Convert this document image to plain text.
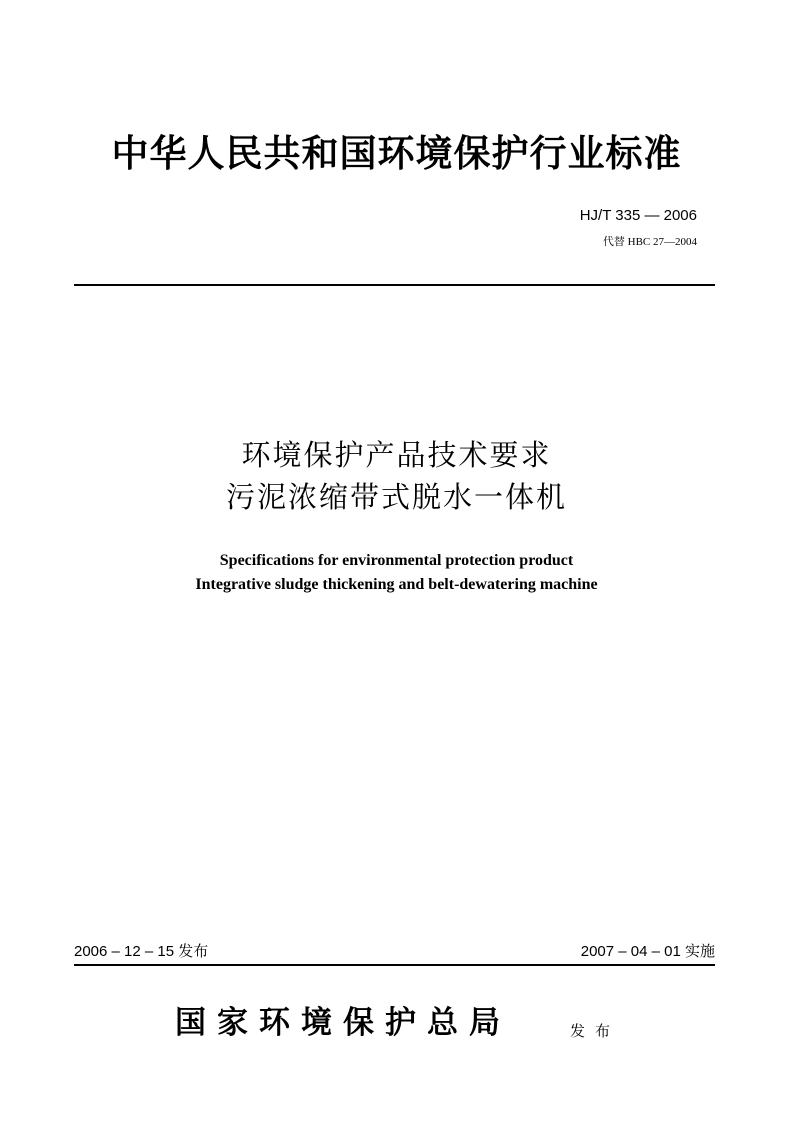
中华人民共和国环境保护行业标准
HJ/T 335 — 2006
代替 HBC 27—2004
环境保护产品技术要求
污泥浓缩带式脱水一体机
Specifications for environmental protection product
Integrative sludge thickening and belt-dewatering machine
2006 – 12 – 15 发布	2007 – 04 – 01 实施
国家环境保护总局	发布
